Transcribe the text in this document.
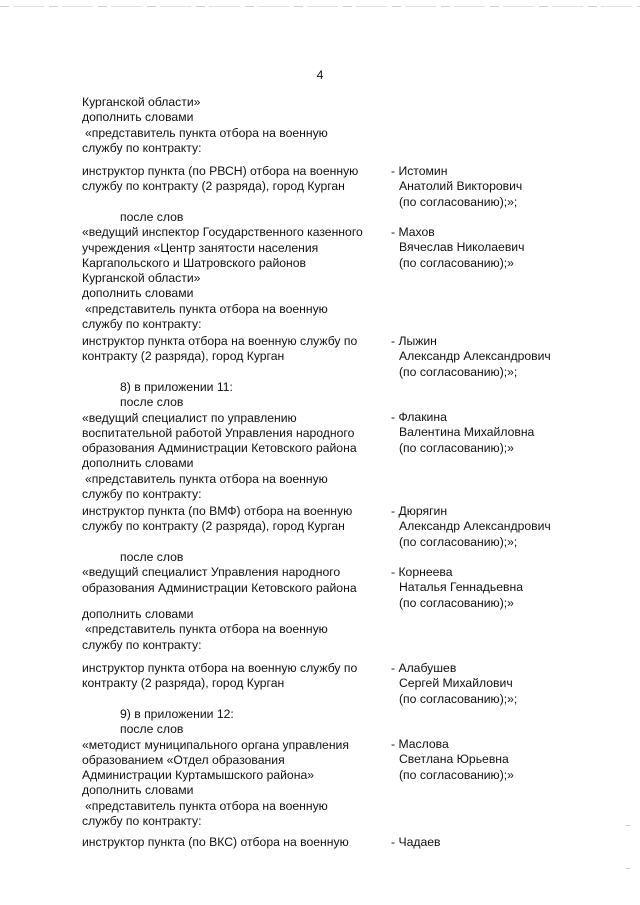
4
Курганской области»
дополнить словами
«представитель пункта отбора на военную
службу по контракту:
инструктор пункта (по РВСН) отбора на военную
службу по контракту (2 разряда), город Курган
- Истомин
Анатолий Викторович
(по согласованию);»;
после слов
«ведущий инспектор Государственного казенного
учреждения «Центр занятости населения
Каргапольского и Шатровского районов
Курганской области»
дополнить словами
«представитель пункта отбора на военную
службу по контракту:
- Махов
Вячеслав Николаевич
(по согласованию);»
инструктор пункта отбора на военную службу по
контракту (2 разряда), город Курган
- Лыжин
Александр Александрович
(по согласованию);»;
8) в приложении 11:
после слов
«ведущий специалист по управлению
воспитательной работой Управления народного
образования Администрации Кетовского района
дополнить словами
«представитель пункта отбора на военную
службу по контракту:
- Флакина
Валентина Михайловна
(по согласованию);»
инструктор пункта (по ВМФ) отбора на военную
службу по контракту (2 разряда), город Курган
- Дюрягин
Александр Александрович
(по согласованию);»;
после слов
«ведущий специалист Управления народного
образования Администрации Кетовского района
- Корнеева
Наталья Геннадьевна
(по согласованию);»
дополнить словами
«представитель пункта отбора на военную
службу по контракту:
инструктор пункта отбора на военную службу по
контракту (2 разряда), город Курган
- Алабушев
Сергей Михайлович
(по согласованию);»;
9) в приложении 12:
после слов
«методист муниципального органа управления
образованием «Отдел образования
Администрации Куртамышского района»
дополнить словами
«представитель пункта отбора на военную
службу по контракту:
- Маслова
Светлана Юрьевна
(по согласованию);»
инструктор пункта (по ВКС) отбора на военную	- Чадаев
